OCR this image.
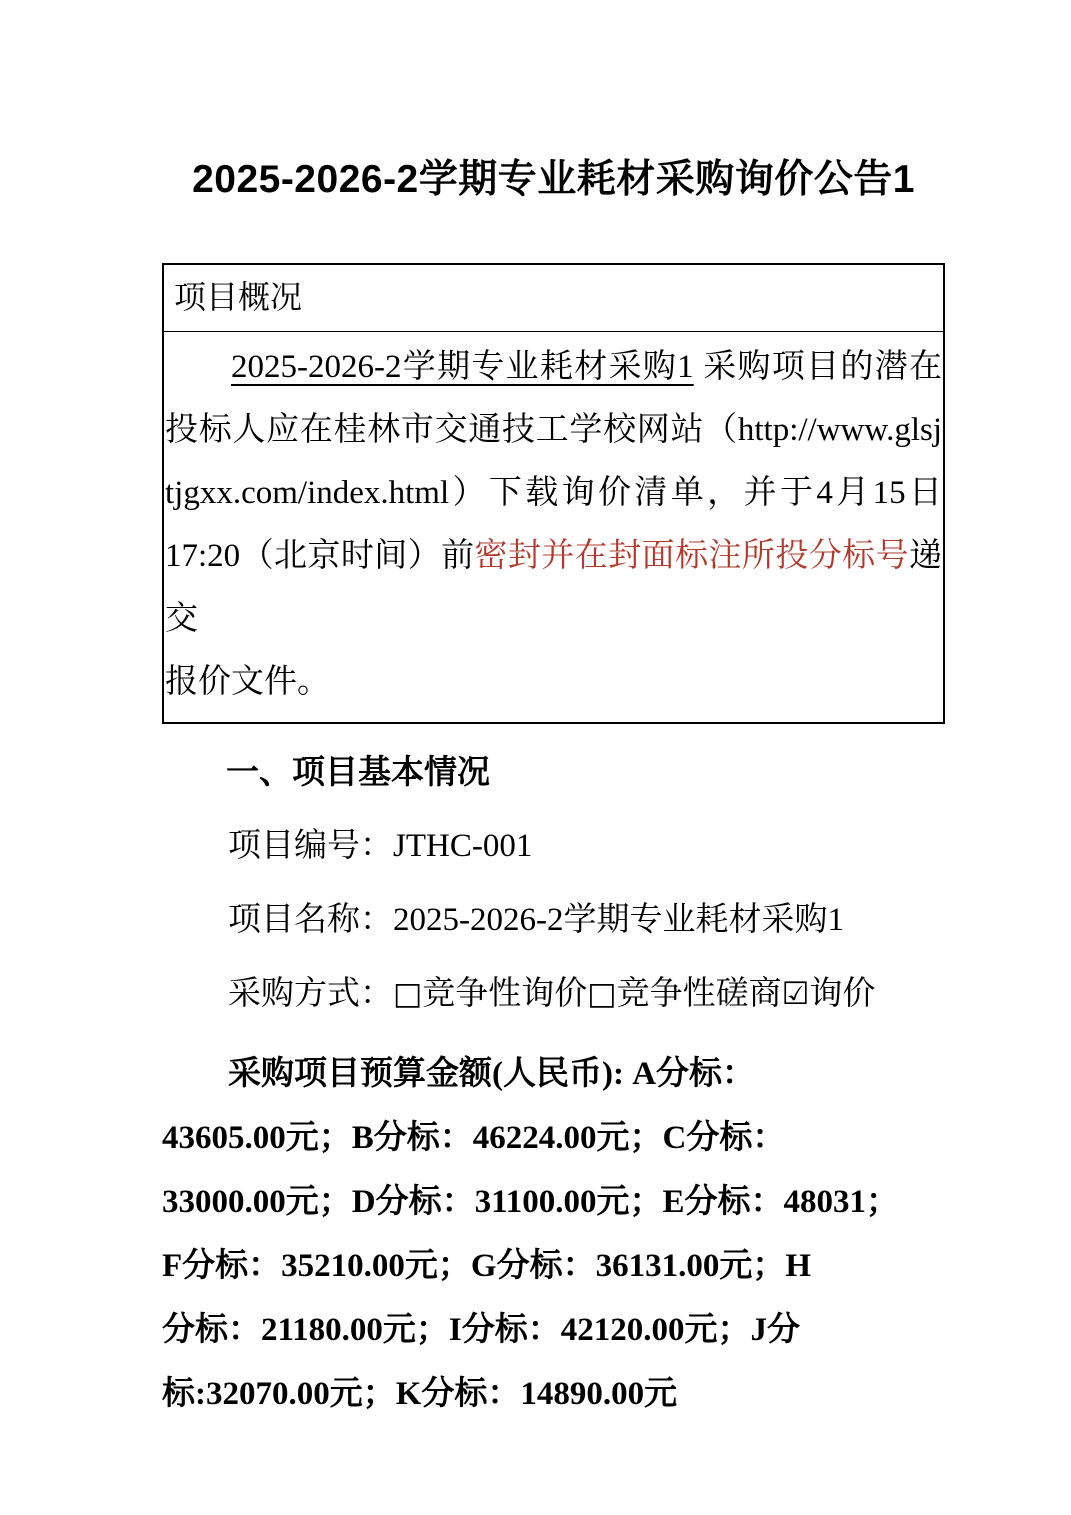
2025-2026-2学期专业耗材采购询价公告1
项目概况
2025-2026-2学期专业耗材采购1 采购项目的潜在
投标人应在桂林市交通技工学校网站（http://www.glsj
tjgxx.com/index.html）下载询价清单，并于4月15日
17:20（北京时间）前密封并在封面标注所投分标号递交
报价文件。
一、项目基本情况
项目编号：JTHC-001
项目名称：2025-2026-2学期专业耗材采购1
采购方式：□竞争性询价□竞争性磋商☑询价
采购项目预算金额(人民币): A分标：
43605.00元；B分标：46224.00元；C分标：
33000.00元；D分标：31100.00元；E分标：48031；
F分标：35210.00元；G分标：36131.00元；H
分标：21180.00元；I分标：42120.00元；J分
标:32070.00元；K分标：14890.00元
